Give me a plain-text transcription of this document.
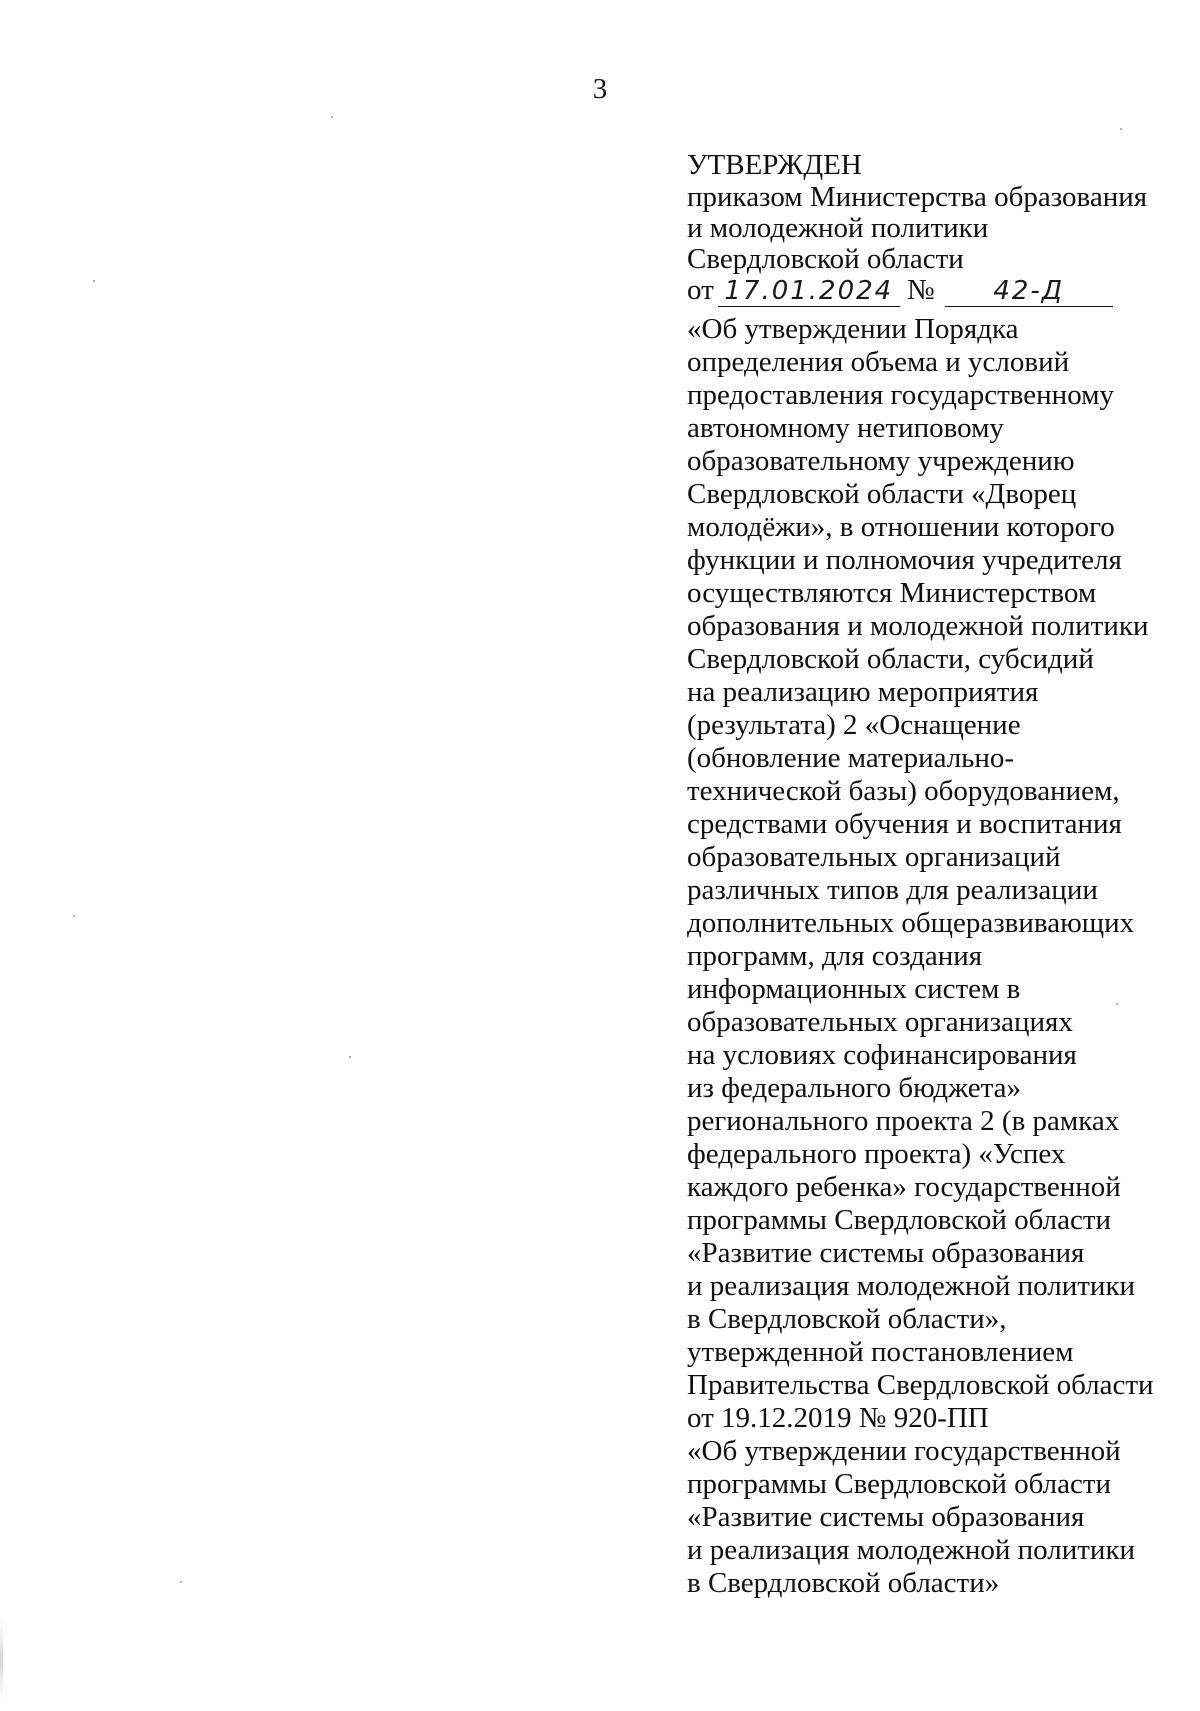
3
УТВЕРЖДЕН
приказом Министерства образования
и молодежной политики
Свердловской области
от 17.01.2024 № 42-Д
«Об утверждении Порядка
определения объема и условий
предоставления государственному
автономному нетиповому
образовательному учреждению
Свердловской области «Дворец
молодёжи», в отношении которого
функции и полномочия учредителя
осуществляются Министерством
образования и молодежной политики
Свердловской области, субсидий
на реализацию мероприятия
(результата) 2 «Оснащение
(обновление материально-
технической базы) оборудованием,
средствами обучения и воспитания
образовательных организаций
различных типов для реализации
дополнительных общеразвивающих
программ, для создания
информационных систем в
образовательных организациях
на условиях софинансирования
из федерального бюджета»
регионального проекта 2 (в рамках
федерального проекта) «Успех
каждого ребенка» государственной
программы Свердловской области
«Развитие системы образования
и реализация молодежной политики
в Свердловской области»,
утвержденной постановлением
Правительства Свердловской области
от 19.12.2019 № 920-ПП
«Об утверждении государственной
программы Свердловской области
«Развитие системы образования
и реализация молодежной политики
в Свердловской области»
